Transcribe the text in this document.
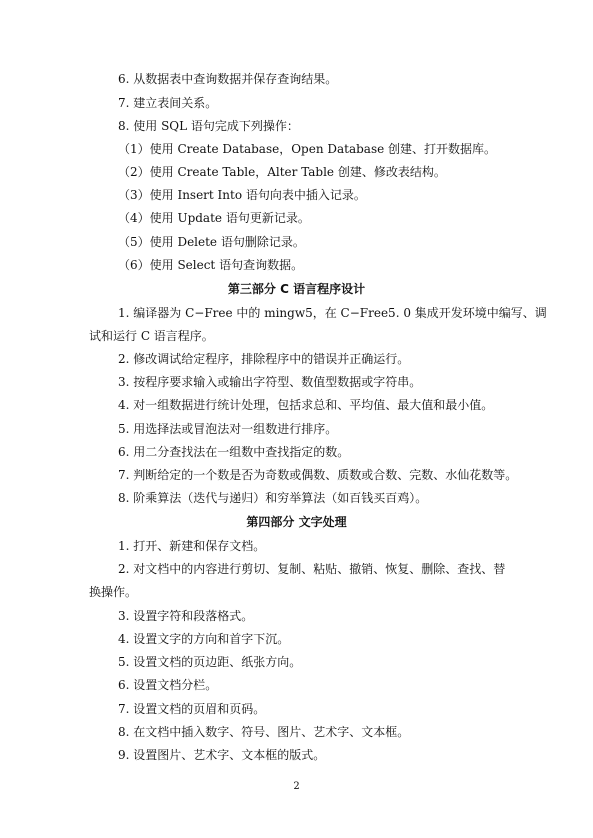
6. 从数据表中查询数据并保存查询结果。
7. 建立表间关系。
8. 使用 SQL 语句完成下列操作：
（1）使用 Create Database，Open Database 创建、打开数据库。
（2）使用 Create Table，Alter Table 创建、修改表结构。
（3）使用 Insert Into 语句向表中插入记录。
（4）使用 Update 语句更新记录。
（5）使用 Delete 语句删除记录。
（6）使用 Select 语句查询数据。
第三部分 C 语言程序设计
1. 编译器为 C−Free 中的 mingw5，在 C−Free5. 0 集成开发环境中编写、调
试和运行 C 语言程序。
2. 修改调试给定程序，排除程序中的错误并正确运行。
3. 按程序要求输入或输出字符型、数值型数据或字符串。
4. 对一组数据进行统计处理，包括求总和、平均值、最大值和最小值。
5. 用选择法或冒泡法对一组数进行排序。
6. 用二分查找法在一组数中查找指定的数。
7. 判断给定的一个数是否为奇数或偶数、质数或合数、完数、水仙花数等。
8. 阶乘算法（迭代与递归）和穷举算法（如百钱买百鸡）。
第四部分 文字处理
1. 打开、新建和保存文档。
2. 对文档中的内容进行剪切、复制、粘贴、撤销、恢复、删除、查找、替
换操作。
3. 设置字符和段落格式。
4. 设置文字的方向和首字下沉。
5. 设置文档的页边距、纸张方向。
6. 设置文档分栏。
7. 设置文档的页眉和页码。
8. 在文档中插入数字、符号、图片、艺术字、文本框。
9. 设置图片、艺术字、文本框的版式。
2
